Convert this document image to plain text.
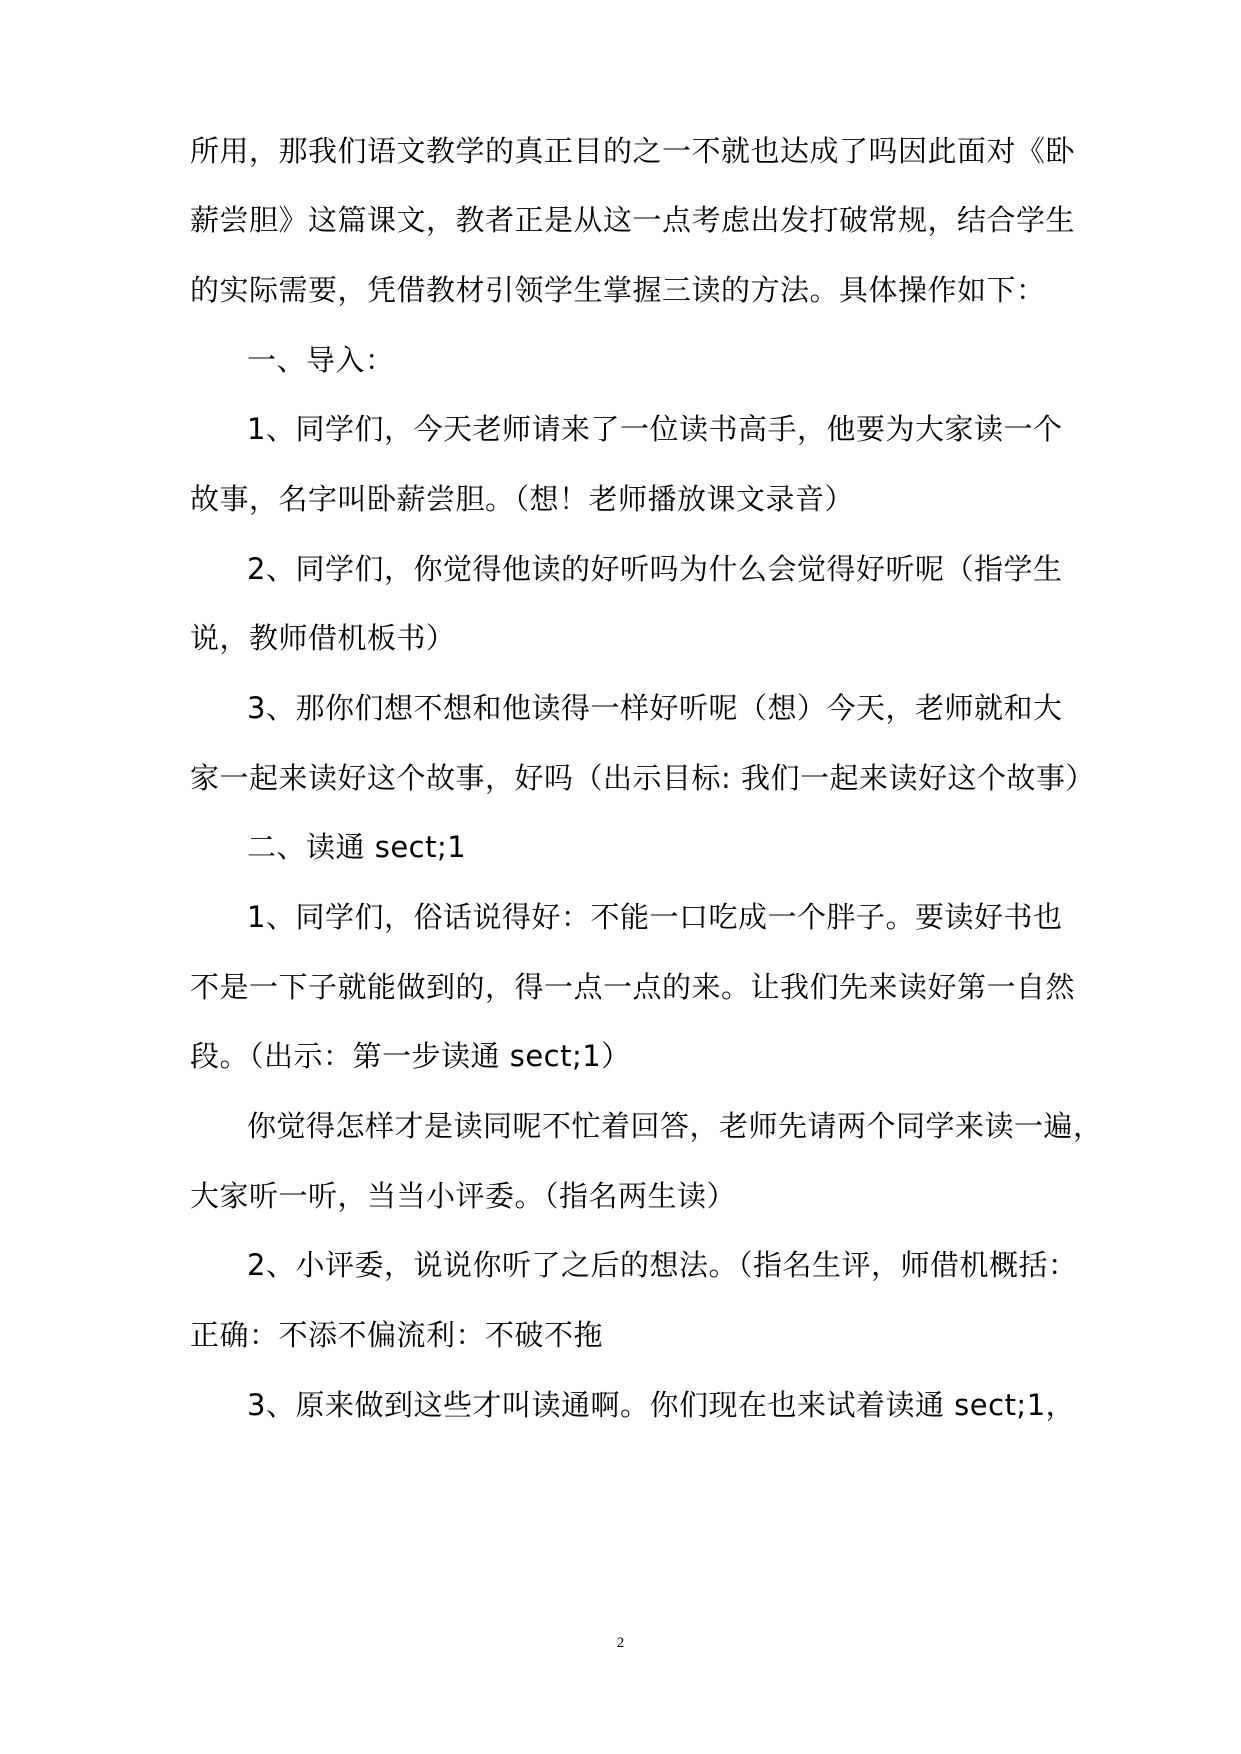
所用，那我们语文教学的真正目的之一不就也达成了吗因此面对《卧
薪尝胆》这篇课文，教者正是从这一点考虑出发打破常规，结合学生
的实际需要，凭借教材引领学生掌握三读的方法。具体操作如下：
一、导入：
1、同学们，今天老师请来了一位读书高手，他要为大家读一个
故事，名字叫卧薪尝胆。（想！老师播放课文录音）
2、同学们，你觉得他读的好听吗为什么会觉得好听呢（指学生
说，教师借机板书）
3、那你们想不想和他读得一样好听呢（想）今天，老师就和大
家一起来读好这个故事，好吗（出示目标: 我们一起来读好这个故事）
二、读通 sect;1
1、同学们，俗话说得好：不能一口吃成一个胖子。要读好书也
不是一下子就能做到的，得一点一点的来。让我们先来读好第一自然
段。（出示：第一步读通 sect;1）
你觉得怎样才是读同呢不忙着回答，老师先请两个同学来读一遍，
大家听一听，当当小评委。（指名两生读）
2、小评委，说说你听了之后的想法。（指名生评，师借机概括：
正确：不添不偏流利：不破不拖
3、原来做到这些才叫读通啊。你们现在也来试着读通 sect;1，
2
